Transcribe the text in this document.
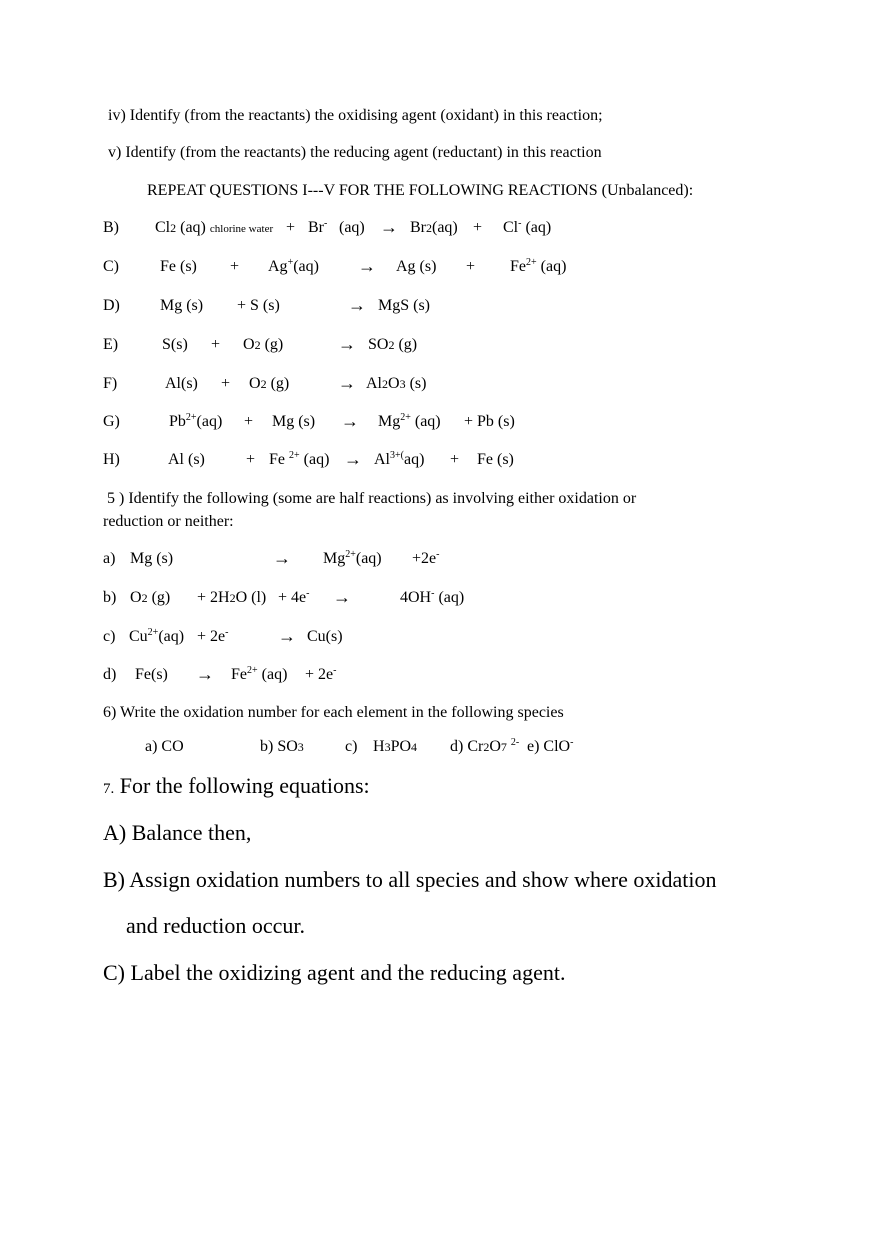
iv) Identify (from the reactants) the oxidising agent (oxidant) in this reaction;
v) Identify (from the reactants) the reducing agent (reductant) in this reaction
REPEAT QUESTIONS I---V FOR THE FOLLOWING REACTIONS (Unbalanced):
B) Cl2 (aq) chlorine water + Br- (aq) → Br2(aq) + Cl- (aq)
C)	Fe (s) + Ag+(aq) → Ag $(s) + Fe^{2+}$ (aq)
D)	Mg (s) + S (s)	→ MgS (s)
E)	S(s) + O2 (g)	→ SO2 (g)
F)	Al(s) + O2 (g)	→ Al2O3 (s)
G)	$Pb^{2+}(aq) + Mg$ $(s) \to Mg^{2+}$ (aq) + Pb (s)
H)	Al (s)	+ Fe $^{2+}$ $(aq) \to Al^{3+(}aq) + Fe$ (s)
5 ) Identify the following (some are half reactions) as involving either oxidation or
reduction or neither:
a) Mg (s)	→ $Mg^{2+}(aq) +2e^-$
b) O2 (g) + 2H2O (l) + 4e- →	4OH- (aq)
c) $Cu^{2+}(aq) + 2e^-$	→ Cu(s)
d) $Fe(s) \to Fe^{2+}$ (aq) + 2e-
6) Write the oxidation number for each element in the following species
a) CO	b) SO3	c) H3PO4 d) Cr2O7 $^{2-}$ e) ClO-
7. For the following equations:
A) Balance then,
B) Assign oxidation numbers to all species and show where oxidation
and reduction occur.
C) Label the oxidizing agent and the reducing agent.
